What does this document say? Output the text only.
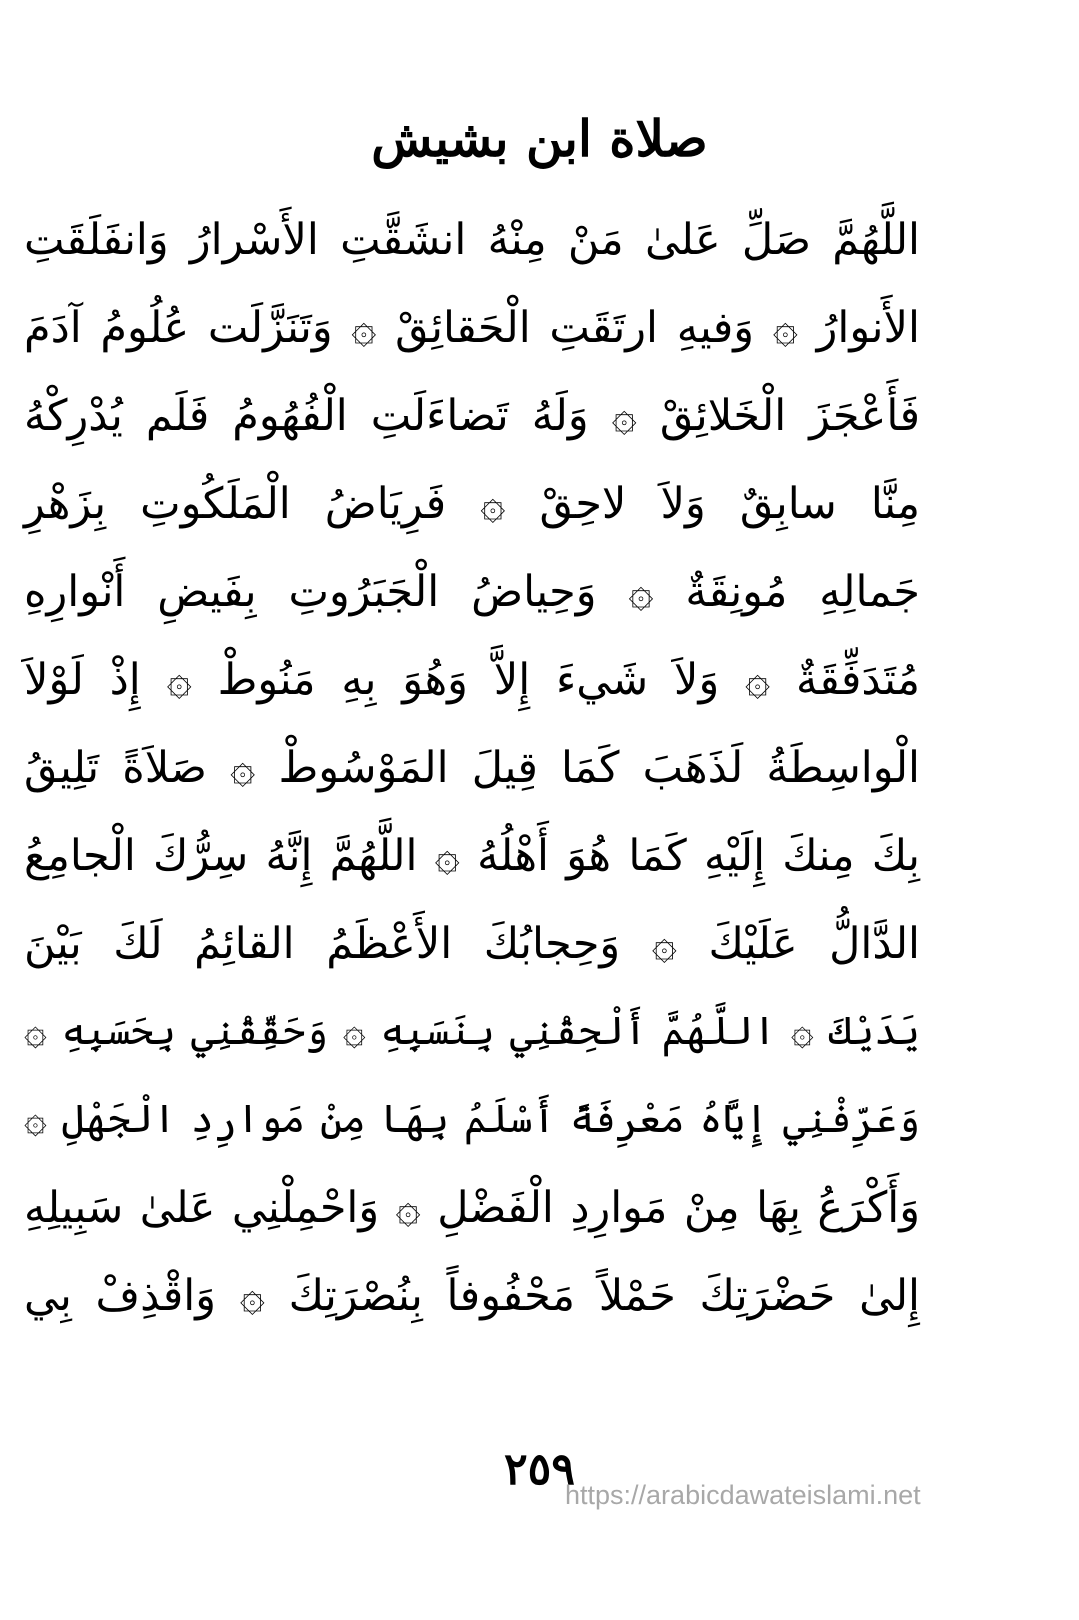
صلاة ابن بشيش
اللَّهُمَّ صَلِّ عَلىٰ مَنْ مِنْهُ انشَقَّتِ الأَسْرارُ وَانفَلَقَتِ
الأَنوارُ ۞ وَفيهِ ارتَقَتِ الْحَقائِقْ ۞ وَتَنَزَّلَت عُلُومُ آدَمَ
فَأَعْجَزَ الْخَلائِقْ ۞ وَلَهُ تَضاءَلَتِ الْفُهُومُ فَلَم يُدْرِكْهُ
مِنَّا سابِقٌ وَلاَ لاحِقْ ۞ فَرِيَاضُ الْمَلَكُوتِ بِزَهْرِ
جَمالِهِ مُونِقَةٌ ۞ وَحِياضُ الْجَبَرُوتِ بِفَيضِ أَنْوارِهِ
مُتَدَفِّقَةٌ ۞ وَلاَ شَيءَ إِلاَّ وَهُوَ بِهِ مَنُوطْ ۞ إِذْ لَوْلاَ
الْواسِطَةُ لَذَهَبَ كَمَا قِيلَ المَوْسُوطْ ۞ صَلاَةً تَلِيقُ
بِكَ مِنكَ إِلَيْهِ كَمَا هُوَ أَهْلُهُ ۞ اللَّهُمَّ إِنَّهُ سِرُّكَ الْجامِعُ
الدَّالُّ عَلَيْكَ ۞ وَحِجابُكَ الأَعْظَمُ القائِمُ لَكَ بَيْنَ
يَدَيْكَ ۞ اللَّهُمَّ أَلْحِقْنِي بِنَسَبِهِ ۞ وَحَقِّقْنِي بِحَسَبِهِ ۞
وَعَرِّفْنِي إِيَّاهُ مَعْرِفَةً أَسْلَمُ بِهَا مِنْ مَوارِدِ الْجَهْلِ ۞
وَأَكْرَعُ بِهَا مِنْ مَوارِدِ الْفَضْلِ ۞ وَاحْمِلْنِي عَلىٰ سَبِيلِهِ
إِلىٰ حَضْرَتِكَ حَمْلاً مَحْفُوفاً بِنُصْرَتِكَ ۞ وَاقْذِفْ بِي
٢٥٩
https://arabicdawateislami.net
